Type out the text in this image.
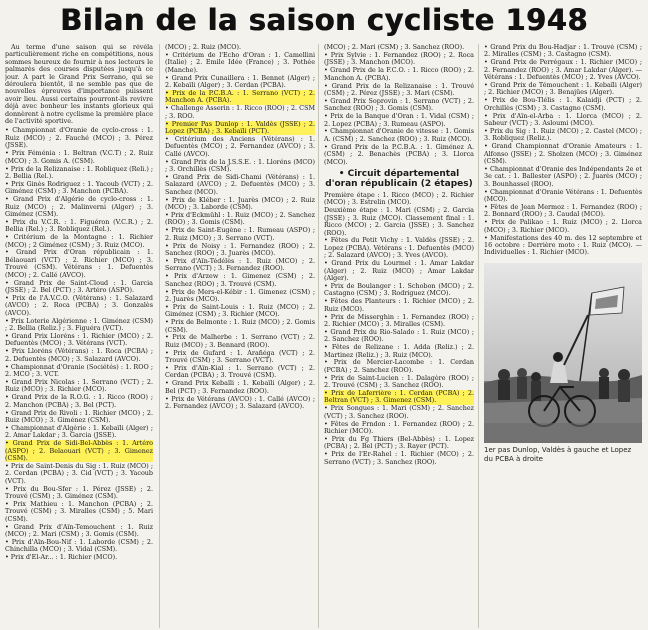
Bilan de la saison cycliste 1948

Au terme d'une saison qui se révéla particulièrement riche en compétitions, nous sommes heureux de fournir à nos lecteurs le palmarès des courses disputées jusqu'à ce jour. A part le Grand Prix Serrano, qui se déroulera bientôt, il ne semble pas que de nouvelles épreuves d'importance puissent avoir lieu. Aussi certains pourront-ils revivre déjà avec bonheur les instants glorieux qui donnèrent à notre cyclisme la première place de l'activité sportive.

• Championnat d'Oranie de cyclo-cross : 1. Ruiz (MCO) ; 2. Fauché (MCO) ; 3. Pérez (JSSE).

• Prix Féménia : 1. Beltran (V.C.T) ; 2. Ruiz (MCO) ; 3. Gomis A. (CSM).

• Prix de la Relizanaise : 1. Robliquez (Reli.) ; 2. Bellia (Rel.).

• Prix Ginès Rodriguez : 1. Yacoub (VCT) ; 2. Giménez (CSM) ; 3. Manchon (PCBA).

• Grand Prix d'Algérie de cyclo-cross : 1. Ruiz (MCO) ; 2. Malinverni (Alger) ; 3. Giménez (CSM).

• Prix du V.C.R. : 1. Figuéron (V.C.R.) ; 2. Bellia (Rel.) ; 3. Robliquez (Rel.).

• Critérium de la Montagne : 1. Richier (MCO) ; 2 Giménez (CSM) ; 3. Ruiz (MCO).

• Grand Prix d'Oran républicain : 1. Bélaouari (VCT) ; 2. Richier (MCO) ; 3. Trouvé (CSM). Vétérans : 1. Defuentès (MCO) ; 2. Callé (AVCO).

• Grand Prix de Saint-Cloud : 1. Garcia (JSSE) ; 2. Bel (PCT) ; 3. Artéro (ASPO).

• Prix de l'A.V.C.O. (Vétérans) : 1. Salazard (AVCO) ; 2. Roca (PCBA) ; 3. Gonzalès (AVCO).

• Prix Loterie Algérienne : 1. Giménez (CSM) ; 2. Bellia (Reliz.) ; 3. Figuéra (VCT).

• Grand Prix Lloréns : 1. Richier (MCO) ; 2. Defuentès (MCO) ; 3. Vétérans (VCT).

• Prix Lloréns (Vétérans) : 1. Roca (PCBA) ; 2. Defuentès (MCO) ; 3. Salazard (AVCO).

• Championnat d'Oranie (Sociétés) : 1. ROO ; 2. MCO ; 3. VCT.

• Grand Prix Nicolas : 1. Serrano (VCT) ; 2. Ruiz (MCO) ; 3. Richier (MCO).

• Grand Prix de la R.O.G. : 1. Ricco (ROO) ; 2. Manchon (PCBA) ; 3. Bel (PCT).

• Grand Prix de Rivoli : 1. Richier (MCO) ; 2. Ruiz (MCO) ; 3. Giménez (CSM).

• Championnat d'Algérie : 1. Kebaïli (Alger) ; 2. Amar Lakdar ; 3. Garcia (JSSE).

• Grand Prix de Sidi-Bel-Abbès : 1. Artéro (ASPO) ; 2. Belaouari (VCT) ; 3. Gimenez (CSM).

• Prix de Saint-Denis du Sig : 1. Ruiz (MCO) ; 2. Cerdan (PCBA) ; 3. Cid (VCT) ; 3. Yacoub (VCT).

• Prix du Bou-Sfer : 1. Pérez (JSSE) ; 2. Trouvé (CSM) ; 3. Giménez (CSM).

• Prix Mathieu : 1. Manchon (PCBA) ; 2. Trouvé (CSM) ; 3. Miralles (CSM) ; 5. Mari (CSM).

• Grand Prix d'Aïn-Temouchent : 1. Ruiz (MCO) ; 2. Mari (CSM) ; 3. Gomis (CSM).

• Prix d'Aïn-Bou-Nif : 1. Laborde (CSM) ; 2. Chinchilla (MCO) ; 3. Vidal (CSM).

• Prix d'El-Ar... : 1. Richier (MCO).

(MCO) ; 2. Ruiz (MCO).

• Critérium de l'Echo d'Oran : 1. Camellini (Italie) ; 2. Emile Idée (France) ; 3. Pothée (Manche).

• Grand Prix Cunaillera : 1. Bennet (Alger) ; 2. Kebaïli (Alger) ; 3. Cerdan (PCBA).

• Prix de la P.C.B.A. : 1. Serrano (VCT) ; 2. Manchon A. (PCBA).

• Challenge Asserin : 1. Ricco (ROO) ; 2. CSM ; 3. ROO.

• Premier Pas Dunlop : 1. Valdès (JSSE) ; 2. Lopez (PCBA) ; 3. Kebaïli (PCT).

• Critérium des Anciens (Vétérans) : 1. Defuentès (MCO) ; 2. Fernandez (AVCO) ; 3. Callé (AVCO).

• Grand Prix de la J.S.S.E. : 1. Lloréns (MCO) ; 3. Orchillès (CSM).

• Grand Prix de Sidi-Chami (Vétérans) : 1. Salazard (AVCO) ; 2. Defuentès (MCO) ; 3. Sanchez (MCO).

• Prix de Kléber : 1. Juarès (MCO) ; 2. Ruiz (MCO) ; 3. Laborde (CSM).

• Prix d'Eckmühl : 1. Ruiz (MCO) ; 2. Sanchez (ROO) ; 3. Gomis (CSM).

• Prix de Saint-Eugène : 1. Rumeau (ASPO) ; 2. Ruiz (MCO) ; 3. Serrano (VCT).

• Prix de Noisy : 1. Fernandez (ROO) ; 2. Sanchez (ROO) ; 3. Juarès (MCO).

• Prix d'Aïn-Tédélès : 1. Ruiz (MCO) ; 2. Serrano (VCT) ; 3. Fernandez (ROO).

• Prix d'Arzew : 1. Gimenez (CSM) ; 2. Sanchez (ROO) ; 3. Trouvé (CSM).

• Prix de Mers-el-Kébir : 1. Gimenez (CSM) ; 2. Juarès (MCO).

• Prix de Saint-Louis : 1. Ruiz (MCO) ; 2. Giménez (CSM) ; 3. Richier (MCO).

• Prix de Belmonte : 1. Ruiz (MCO) ; 2. Gomis (CSM).

• Prix de Malherbe : 1. Serrano (VCT) ; 2. Ruiz (MCO) ; 3. Bennard (ROO).

• Prix de Gufard : 1. Arañéga (VCT) ; 2. Trouvé (CSM) ; 3. Serrano (VCT).

• Prix d'Aïn-Kial : 1. Serrano (VCT) ; 2. Cerdan (PCBA) ; 3. Trouvé (CSM).

• Grand Prix Kebaïli : 1. Kebaïli (Alger) ; 2. Bel (PCT) ; 3. Fernandez (ROO).

• Prix de Vétérans (AVCO) : 1. Callé (AVCO) ; 2. Fernandez (AVCO) ; 3. Salazard (AVCO).

(MCO) ; 2. Mari (CSM) ; 3. Sanchez (ROO).

• Prix Sylvie : 1. Fernandez (ROO) ; 2. Roca (JSSE) ; 3. Manchon (MCO).

• Grand Prix de la F.C.O. : 1. Ricco (ROO) ; 2. Manchon A. (PCBA).

• Grand Prix de la Relizanaise : 1. Trouvé (CSM) ; 2. Pérez (JSSE) ; 3. Mari (CSM).

• Grand Prix Soprovin : 1. Serrano (VCT) ; 2. Sanchez (ROO) ; 3. Gomis (CSM).

• Prix de la Banque d'Oran : 1. Vidal (CSM) ; 2. Lopez (PCBA) ; 3. Rumeau (ASPO).

• Championnat d'Oranie de vitesse : 1. Gomis A. (CSM) ; 2. Sanchez (ROO) ; 3. Ruiz (MCO).

• Grand Prix de la P.C.B.A. : 1. Giménez A. (CSM) ; 2. Benachès (PCBA) ; 3. Llorca (MCO).

• Circuit départemental d'oran républicain (2 étapes)

Première étape : 1. Ricco (MCO) ; 2. Richier (MCO) ; 3. Estrelin (MCO).

Deuxième étape : 1. Mari (CSM) ; 2. Garcia (JSSE) ; 3. Ruiz (MCO). Classement final : 1. Ricco (MCO) ; 2. Garcia (JSSE) ; 3. Sanchez (ROO).

• Fêtes du Petit Vichy : 1. Valdès (JSSE) ; 2. Lopez (PCBA). Vétérans : 1. Defuentès (MCO) ; 2. Salazard (AVCO) ; 3. Yves (AVCO).

• Grand Prix du Lourmel : 1. Amar Lakdar (Alger) ; 2. Ruiz (MCO) ; Amar Lakdar (Alger).

• Prix de Boulanger : 1. Schobon (MCO) ; 2. Castagno (CSM) ; 3. Rodriguez (MCO).

• Fêtes des Planteurs : 1. Richier (MCO) ; 2. Ruiz (MCO).

• Prix de Misserghin : 1. Fernandez (ROO) ; 2. Richier (MCO) ; 3. Miralles (CSM).

• Grand Prix du Rio-Salado : 1. Ruiz (MCO) ; 2. Sanchez (ROO).

• Fêtes de Relizane : 1. Adda (Reliz.) ; 2. Martinez (Reliz.) ; 3. Ruiz (MCO).

• Prix de Mercier-Lacombe : 1. Cerdan (PCBA) ; 2. Sanchez (ROO).

• Prix de Saint-Lucien : 1. Dalagère (ROO) ; 2. Trouvé (CSM) ; 3. Sanchez (ROO).

• Prix de Laferrière : 1. Cerdan (PCBA) ; 2. Beltran (VCT) ; 3. Gimenez (CSM).

• Prix Songues : 1. Mari (CSM) ; 2. Sanchez (VCT) ; 3. Sanchez (ROO).

• Fêtes de Frndon : 1. Fernandez (ROO) ; 2. Richier (MCO).

• Prix du Fg Thiers (Bel-Abbès) : 1. Lopez (PCBA) ; 2. Bel (PCT) ; 3. Rayer (PCT).

• Prix de l'Er-Rahel : 1. Richier (MCO) ; 2. Serrano (VCT) ; 3. Sanchez (ROO).

• Grand Prix du Bou-Hadjar : 1. Trouvé (CSM) ; 2. Miralles (CSM) ; 3. Castagno (CSM).

• Grand Prix de Perrégaux : 1. Richier (MCO) ; 2. Fernandez (ROO) ; 3. Amar Lakdar (Alger). — Vétérans : 1. Defuentès (MCO) ; 2. Yves (AVCO).

• Grand Prix de Témouchent : 1. Kebaïli (Alger) ; 2. Richier (MCO) ; 3. Benajües (Alger).

• Prix de Bou-Tlélis : 1. Kalaidji (PCT) ; 2. Orchillès (CSM) ; 3. Castagno (CSM).

• Prix d'Aïn-el-Arba : 1. Llorca (MCO) ; 2. Sabeur (VCT) ; 3. Asloumi (MCO).

• Prix du Sig : 1. Ruiz (MCO) ; 2. Castel (MCO) ; 3. Robliquez (Reliz.).

• Grand Championnat d'Oranie Amateurs : 1. Alfonso (JSSE) ; 2. Sholzen (MCO) ; 3. Giménez (CSM).

• Championnat d'Oranie des Indépendants 2e et 3e cat. : 1. Ballester (ASPO) ; 2. Juarès (MCO) ; 3. Bounhassel (ROO).

• Championnat d'Oranie Vétérans : 1. Defuentès (MCO).

• Fêtes de Jean Mermoz : 1. Fernandez (ROO) ; 2. Bonnard (ROO) ; 3. Caudal (MCO).

• Prix de Palikao : 1. Ruiz (MCO) ; 2. Llorca (MCO) ; 3. Richier (MCO).

• Manifestations des 40 m. des 12 septembre et 16 octobre : Derrière moto : 1. Ruiz (MCO). — Individuelles : 1. Richier (MCO).

1er pas Dunlop, Valdès à gauche et Lopez du PCBA à droite
